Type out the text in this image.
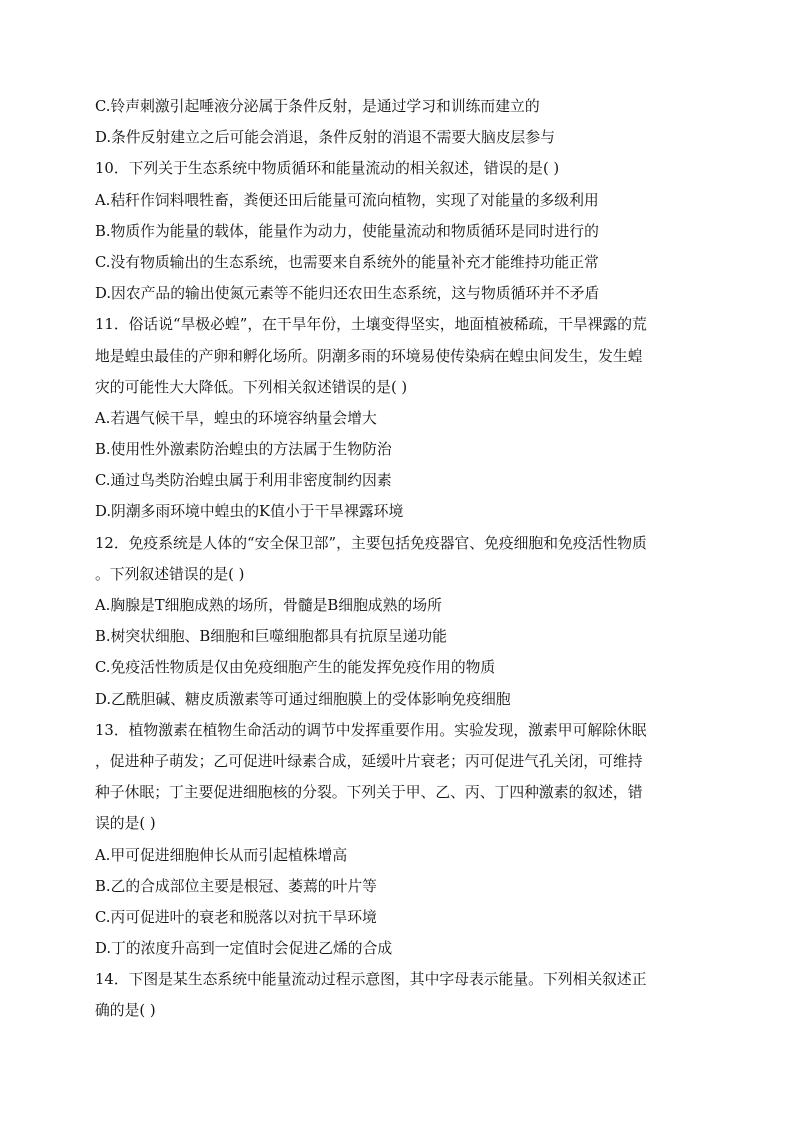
C.铃声刺激引起唾液分泌属于条件反射，是通过学习和训练而建立的
D.条件反射建立之后可能会消退，条件反射的消退不需要大脑皮层参与
10．下列关于生态系统中物质循环和能量流动的相关叙述，错误的是( )
A.秸秆作饲料喂牲畜，粪便还田后能量可流向植物，实现了对能量的多级利用
B.物质作为能量的载体，能量作为动力，使能量流动和物质循环是同时进行的
C.没有物质输出的生态系统，也需要来自系统外的能量补充才能维持功能正常
D.因农产品的输出使氮元素等不能归还农田生态系统，这与物质循环并不矛盾
11．俗话说“旱极必蝗”，在干旱年份，土壤变得坚实，地面植被稀疏，干旱裸露的荒
地是蝗虫最佳的产卵和孵化场所。阴潮多雨的环境易使传染病在蝗虫间发生，发生蝗
灾的可能性大大降低。下列相关叙述错误的是( )
A.若遇气候干旱，蝗虫的环境容纳量会增大
B.使用性外激素防治蝗虫的方法属于生物防治
C.通过鸟类防治蝗虫属于利用非密度制约因素
D.阴潮多雨环境中蝗虫的K值小于干旱裸露环境
12．免疫系统是人体的“安全保卫部”，主要包括免疫器官、免疫细胞和免疫活性物质
。下列叙述错误的是( )
A.胸腺是T细胞成熟的场所，骨髓是B细胞成熟的场所
B.树突状细胞、B细胞和巨噬细胞都具有抗原呈递功能
C.免疫活性物质是仅由免疫细胞产生的能发挥免疫作用的物质
D.乙酰胆碱、糖皮质激素等可通过细胞膜上的受体影响免疫细胞
13．植物激素在植物生命活动的调节中发挥重要作用。实验发现，激素甲可解除休眠
，促进种子萌发；乙可促进叶绿素合成，延缓叶片衰老；丙可促进气孔关闭，可维持
种子休眠；丁主要促进细胞核的分裂。下列关于甲、乙、丙、丁四种激素的叙述，错
误的是( )
A.甲可促进细胞伸长从而引起植株增高
B.乙的合成部位主要是根冠、萎蔫的叶片等
C.丙可促进叶的衰老和脱落以对抗干旱环境
D.丁的浓度升高到一定值时会促进乙烯的合成
14．下图是某生态系统中能量流动过程示意图，其中字母表示能量。下列相关叙述正
确的是( )
